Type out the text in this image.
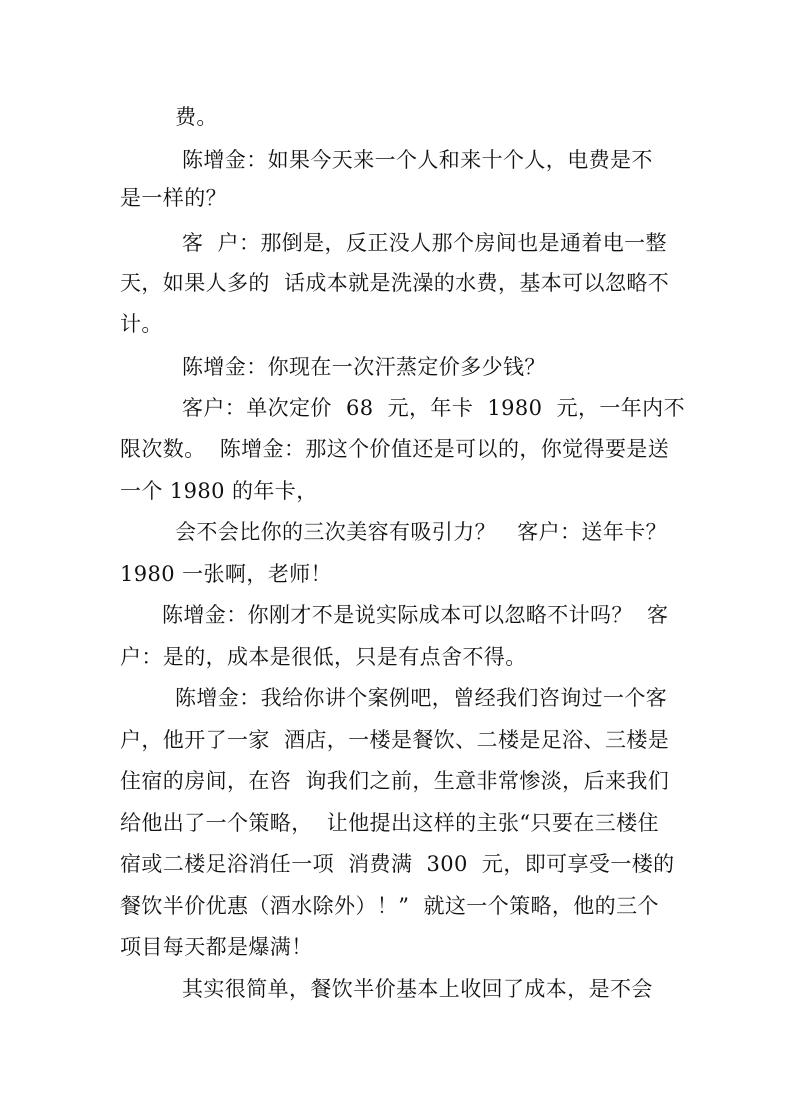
费。
陈增金：如果今天来一个人和来十个人，电费是不
是一样的？
客  户：那倒是，反正没人那个房间也是通着电一整
天，如果人多的  话成本就是洗澡的水费，基本可以忽略不
计。
陈增金：你现在一次汗蒸定价多少钱？
客户：单次定价  68  元，年卡  1980  元，一年内不
限次数。  陈增金：那这个价值还是可以的，你觉得要是送
一个 1980 的年卡，
会不会比你的三次美容有吸引力？   客户：送年卡？
1980 一张啊，老师！
陈增金：你刚才不是说实际成本可以忽略不计吗？  客
户：是的，成本是很低，只是有点舍不得。
陈增金：我给你讲个案例吧，曾经我们咨询过一个客
户，他开了一家  酒店，一楼是餐饮、二楼是足浴、三楼是
住宿的房间，在咨  询我们之前，生意非常惨淡，后来我们
给他出了一个策略，  让他提出这样的主张“只要在三楼住
宿或二楼足浴消任一项  消费满  300  元，即可享受一楼的
餐饮半价优惠（酒水除外）！”  就这一个策略，他的三个
项目每天都是爆满！
其实很简单，餐饮半价基本上收回了成本，是不会
